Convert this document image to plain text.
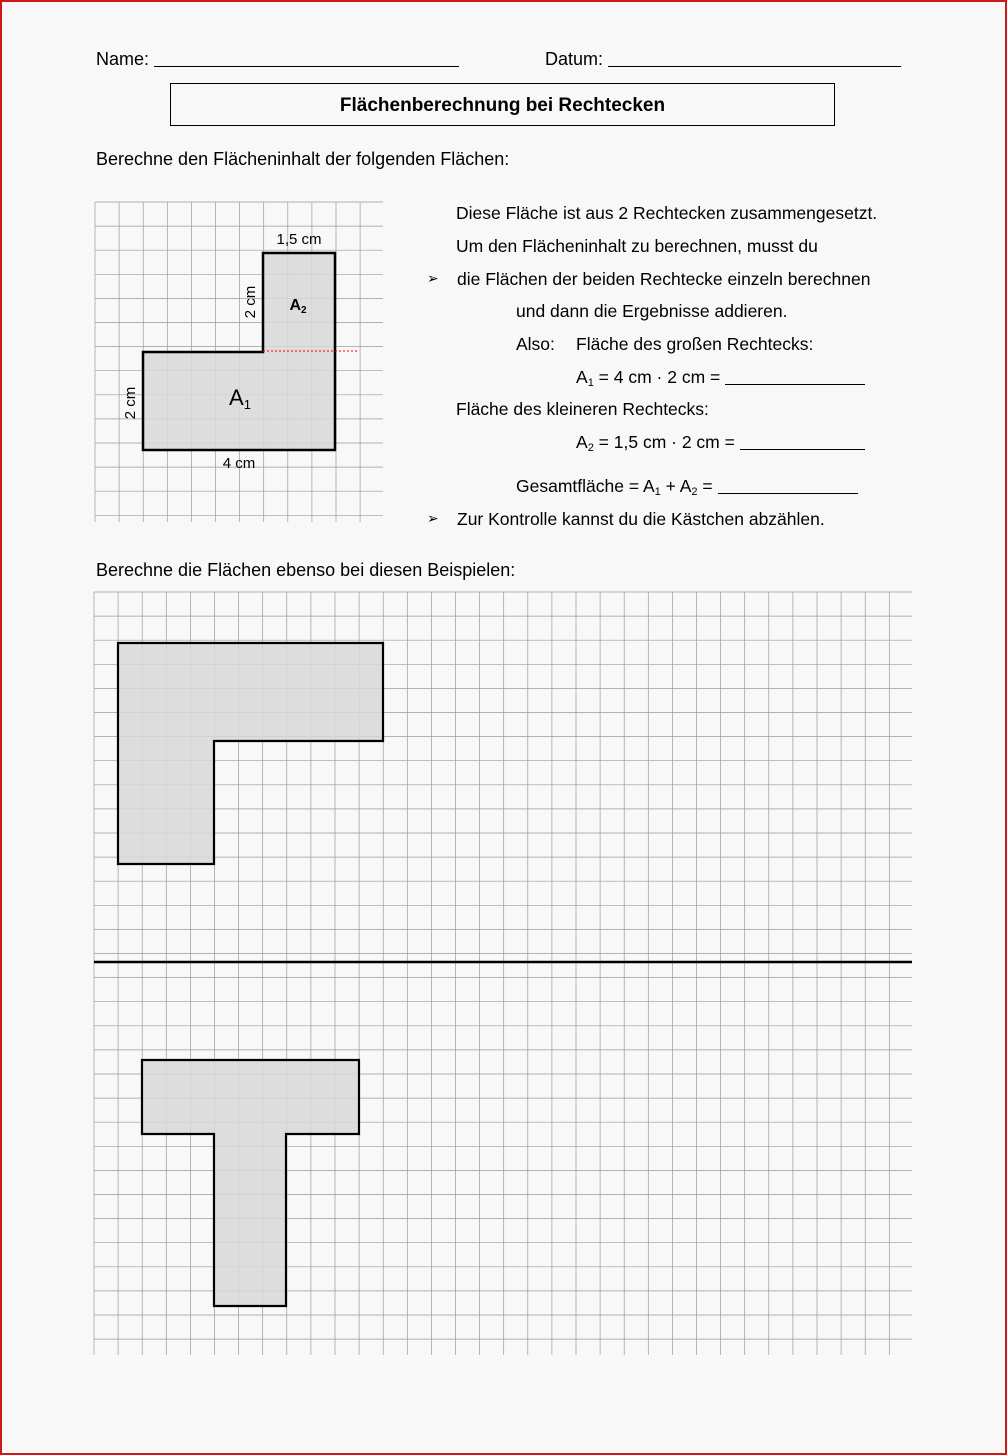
Name:	Datum:
Flächenberechnung bei Rechtecken
Berechne den Flächeninhalt der folgenden Flächen:
A1
A2
1,5 cm
2 cm
2 cm
4 cm
Diese Fläche ist aus 2 Rechtecken zusammengesetzt.
Um den Flächeninhalt zu berechnen, musst du
➢ die Flächen der beiden Rechtecke einzeln berechnen
und dann die Ergebnisse addieren.
Also: Fläche des großen Rechtecks:
$A_1 = 4$ cm · 2 cm =
Fläche des kleineren Rechtecks:
$A_2 = 1,5$ cm · 2 cm =
Gesamtfläche = $A_1 + A_2$ =
➢ Zur Kontrolle kannst du die Kästchen abzählen.
Berechne die Flächen ebenso bei diesen Beispielen:
